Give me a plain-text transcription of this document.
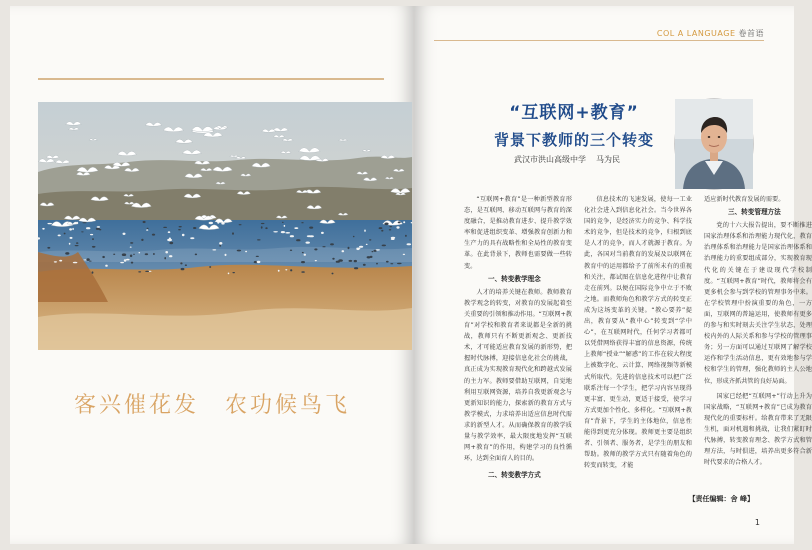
客兴催花发 农功候鸟飞
COL A LANGUAGE 卷首语
“互联网+教育”
背景下教师的三个转变
武汉市洪山高级中学 马为民

“互联网+教育”是一种新型教育形态，是互联网、移动互联网与教育的深度融合，是推动教育进步、提升教学效率和促进组织变革、增强教育创新力和生产力的具有战略性和全局性的教育变革。在此背景下，教师也需要做一些转变。

一、转变教学理念

人才的培养关键在教师。教师教育教学观念的转变，对教育的发展起着至关重要的引领和推动作用。“互联网+教育”对学校和教育者来说都是全新的挑战，教师只有不断更新观念、更新技术，才可能适应教育发展的新形势，把握时代脉搏，迎接信息化社会的挑战，真正成为实现教育现代化和跨越式发展的主力军。教师要借助互联网，自觉地利用互联网资源，培养自我更新观念与更新知识的能力，探索新的教育方式与教学模式，力求培养出适应信息时代需求的新型人才。从而确保教育的教学质量与教学效率，最大限度地发挥“互联网+教育”的作用，构建学习的良性循环，达到全面育人的目的。

二、转变教学方式

信息技术的飞速发展，使每一工业化社会进入到信息化社会。当今世界各国的竞争，是经济实力的竞争、科学技术的竞争，但是技术的竞争，归根到底是人才的竞争，而人才就源于教育。为此，各国对当前教育的发展及以联网在教育中的运用都给予了前所未有的重视和关注，都试图在信息化进程中让教育走在前列。以便在国际竞争中立于不败之地。而教师角色和教学方式的转变正成为这场变革的关键。“教心要养”提出，教育要从“教中心”转变到“学中心”，在互联网时代，任何学习者都可以凭借网络获得丰富的信息资源，传统上教师“授业”“解惑”的工作在较大程度上被数字化、云计算、网络视频等新模式所取代。先进的信息技术可以把广泛联系注每一个学生，把学习内容呈现得更丰富、更生动，更适于接受，使学习方式更加个性化、多样化。“互联网+教育”背景下，学生的主体地位，信息性能得到更充分体现。教师更主要是组织者、引领者、服务者，是学生的朋友和帮助。教师的教学方式只有随着角色的转变而转变，才能

适应新时代教育发展的需要。

三、转变管理方法

党的十六大报告提出，要不断推进国家治理体系和治理能力现代化，教育治理体系和治理能力是国家治理体系和治理能力的重要组成部分，实现教育现代化的关键在于建设现代学校制度。“互联网+教育”时代，教师将会有更多机会参与到学校的管理事务中来。在学校管理中扮演重要的角色，一方面，互联网的普遍运用，使教师有更多的参与和实时刻去关注学生状态，处理校内外的人际关系和参与学校的管理事务；另一方面可以通过互联网了解学校运作和学生活动信息，更有效地参与学校和学生的管理，强化教师的主人公地位，形成齐抓共管的良好局面。

国家已经把“互联网+”行动上升为国家战略，“互联网+教育”已成为教育现代化的重要标杆。给教育带来了无限生机，面对机遇和挑战，让我们紧盯时代脉搏，转变教育理念、教学方式和管理方法，与时俱进，培养出更多符合新时代要求的合格人才。

【责任编辑：舍 峰】
1
